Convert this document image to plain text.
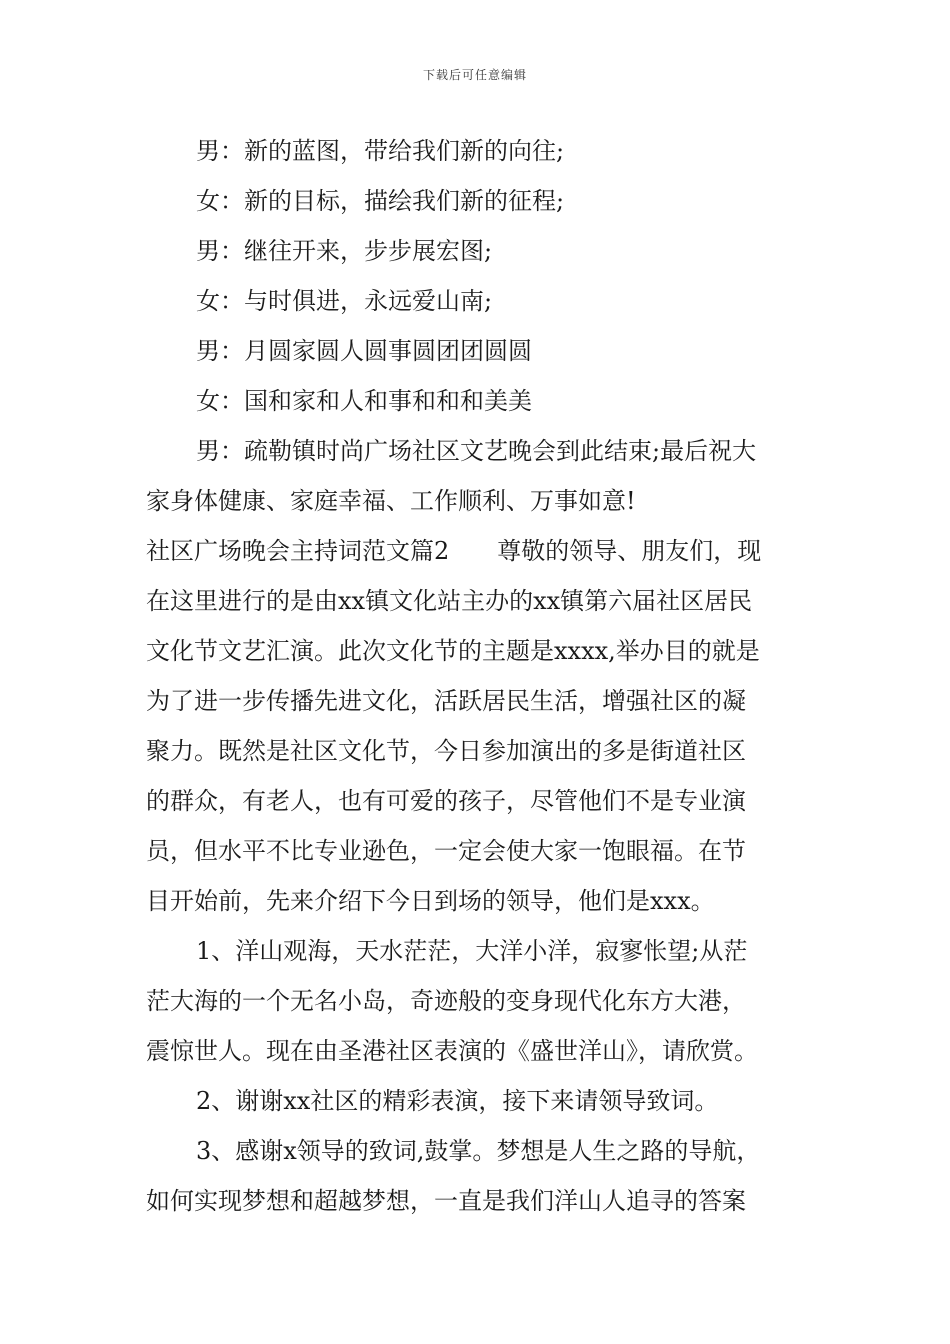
下载后可任意编辑
男：新的蓝图，带给我们新的向往;
女：新的目标，描绘我们新的征程;
男：继往开来，步步展宏图;
女：与时俱进，永远爱山南;
男：月圆家圆人圆事圆团团圆圆
女：国和家和人和事和和和美美
男：疏勒镇时尚广场社区文艺晚会到此结束;最后祝大
家身体健康、家庭幸福、工作顺利、万事如意!
社区广场晚会主持词范文篇2　　尊敬的领导、朋友们，现
在这里进行的是由xx镇文化站主办的xx镇第六届社区居民
文化节文艺汇演。此次文化节的主题是xxxx,举办目的就是
为了进一步传播先进文化，活跃居民生活，增强社区的凝
聚力。既然是社区文化节，今日参加演出的多是街道社区
的群众，有老人，也有可爱的孩子，尽管他们不是专业演
员，但水平不比专业逊色，一定会使大家一饱眼福。在节
目开始前，先来介绍下今日到场的领导，他们是xxx。
1、洋山观海，天水茫茫，大洋小洋，寂寥怅望;从茫
茫大海的一个无名小岛，奇迹般的变身现代化东方大港，
震惊世人。现在由圣港社区表演的《盛世洋山》，请欣赏。
2、谢谢xx社区的精彩表演，接下来请领导致词。
3、感谢x领导的致词,鼓掌。梦想是人生之路的导航，
如何实现梦想和超越梦想，一直是我们洋山人追寻的答案
